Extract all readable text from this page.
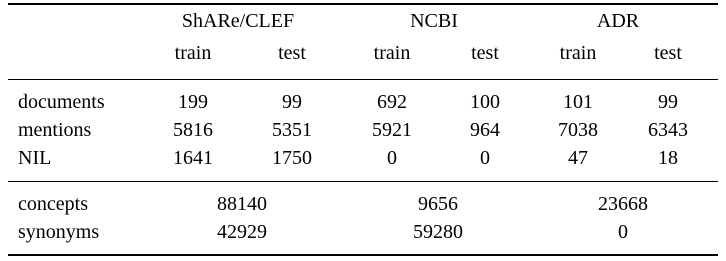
ShARe/CLEF	NCBI	ADR
train	test	train	test	train	test
documents	199	99	692	100	101	99
mentions	5816	5351	5921	964	7038	6343
NIL	1641	1750	0	0	47	18
concepts	88140	9656	23668
synonyms	42929	59280	0
